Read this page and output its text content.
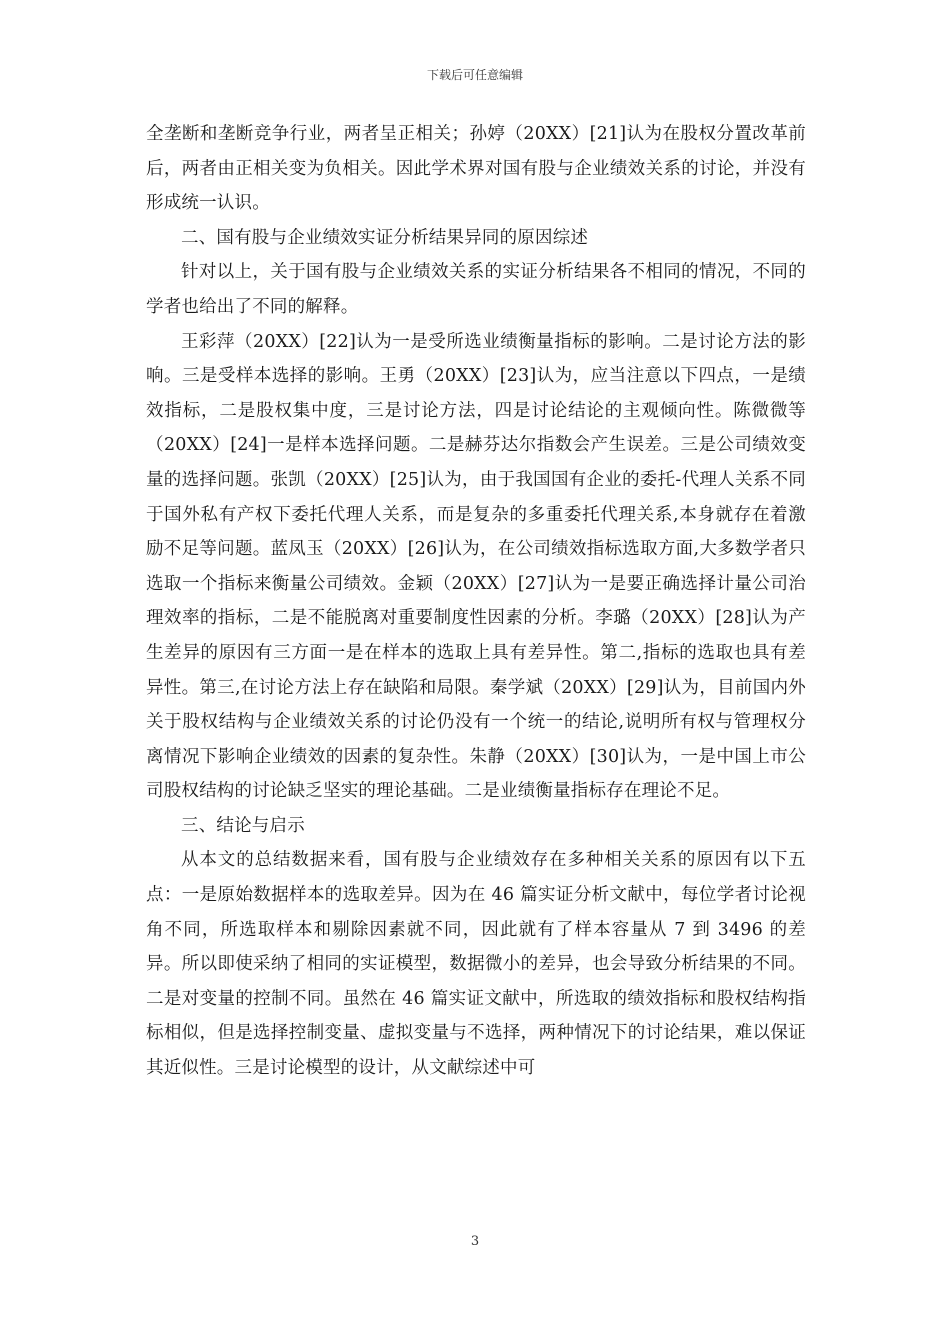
下载后可任意编辑

全垄断和垄断竞争行业，两者呈正相关；孙婷（20XX）[21]认为在股权分置改革前后，两者由正相关变为负相关。因此学术界对国有股与企业绩效关系的讨论，并没有形成统一认识。

二、国有股与企业绩效实证分析结果异同的原因综述

针对以上，关于国有股与企业绩效关系的实证分析结果各不相同的情况，不同的学者也给出了不同的解释。

王彩萍（20XX）[22]认为一是受所选业绩衡量指标的影响。二是讨论方法的影响。三是受样本选择的影响。王勇（20XX）[23]认为，应当注意以下四点，一是绩效指标，二是股权集中度，三是讨论方法，四是讨论结论的主观倾向性。陈微微等（20XX）[24]一是样本选择问题。二是赫芬达尔指数会产生误差。三是公司绩效变量的选择问题。张凯（20XX）[25]认为，由于我国国有企业的委托-代理人关系不同于国外私有产权下委托代理人关系，而是复杂的多重委托代理关系,本身就存在着激励不足等问题。蓝凤玉（20XX）[26]认为，在公司绩效指标选取方面,大多数学者只选取一个指标来衡量公司绩效。金颖（20XX）[27]认为一是要正确选择计量公司治理效率的指标，二是不能脱离对重要制度性因素的分析。李璐（20XX）[28]认为产生差异的原因有三方面一是在样本的选取上具有差异性。第二,指标的选取也具有差异性。第三,在讨论方法上存在缺陷和局限。秦学斌（20XX）[29]认为，目前国内外关于股权结构与企业绩效关系的讨论仍没有一个统一的结论,说明所有权与管理权分离情况下影响企业绩效的因素的复杂性。朱静（20XX）[30]认为，一是中国上市公司股权结构的讨论缺乏坚实的理论基础。二是业绩衡量指标存在理论不足。

三、结论与启示

从本文的总结数据来看，国有股与企业绩效存在多种相关关系的原因有以下五点：一是原始数据样本的选取差异。因为在 46 篇实证分析文献中，每位学者讨论视角不同，所选取样本和剔除因素就不同，因此就有了样本容量从 7 到 3496 的差异。所以即使采纳了相同的实证模型，数据微小的差异，也会导致分析结果的不同。二是对变量的控制不同。虽然在 46 篇实证文献中，所选取的绩效指标和股权结构指标相似，但是选择控制变量、虚拟变量与不选择，两种情况下的讨论结果，难以保证其近似性。三是讨论模型的设计，从文献综述中可

3
